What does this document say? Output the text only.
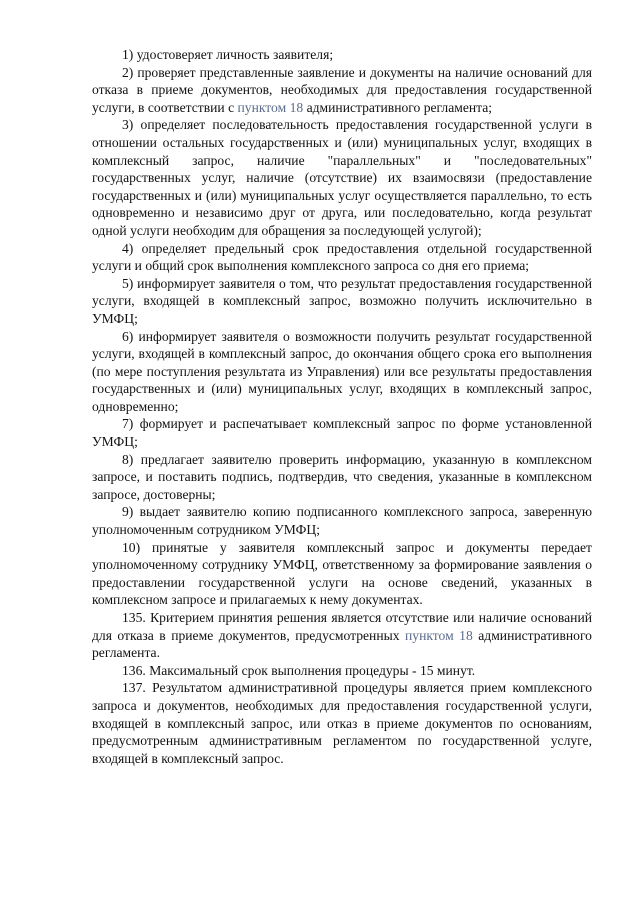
1) удостоверяет личность заявителя;

2) проверяет представленные заявление и документы на наличие оснований для отказа в приеме документов, необходимых для предоставления государственной услуги, в соответствии с пунктом 18 административного регламента;

3) определяет последовательность предоставления государственной услуги в отношении остальных государственных и (или) муниципальных услуг, входящих в комплексный запрос, наличие "параллельных" и "последовательных" государственных услуг, наличие (отсутствие) их взаимосвязи (предоставление государственных и (или) муниципальных услуг осуществляется параллельно, то есть одновременно и независимо друг от друга, или последовательно, когда результат одной услуги необходим для обращения за последующей услугой);

4) определяет предельный срок предоставления отдельной государственной услуги и общий срок выполнения комплексного запроса со дня его приема;

5) информирует заявителя о том, что результат предоставления государственной услуги, входящей в комплексный запрос, возможно получить исключительно в УМФЦ;

6) информирует заявителя о возможности получить результат государственной услуги, входящей в комплексный запрос, до окончания общего срока его выполнения (по мере поступления результата из Управления) или все результаты предоставления государственных и (или) муниципальных услуг, входящих в комплексный запрос, одновременно;

7) формирует и распечатывает комплексный запрос по форме установленной УМФЦ;

8) предлагает заявителю проверить информацию, указанную в комплексном запросе, и поставить подпись, подтвердив, что сведения, указанные в комплексном запросе, достоверны;

9) выдает заявителю копию подписанного комплексного запроса, заверенную уполномоченным сотрудником УМФЦ;

10) принятые у заявителя комплексный запрос и документы передает уполномоченному сотруднику УМФЦ, ответственному за формирование заявления о предоставлении государственной услуги на основе сведений, указанных в комплексном запросе и прилагаемых к нему документах.

135. Критерием принятия решения является отсутствие или наличие оснований для отказа в приеме документов, предусмотренных пунктом 18 административного регламента.

136. Максимальный срок выполнения процедуры - 15 минут.

137. Результатом административной процедуры является прием комплексного запроса и документов, необходимых для предоставления государственной услуги, входящей в комплексный запрос, или отказ в приеме документов по основаниям, предусмотренным административным регламентом по государственной услуге, входящей в комплексный запрос.
